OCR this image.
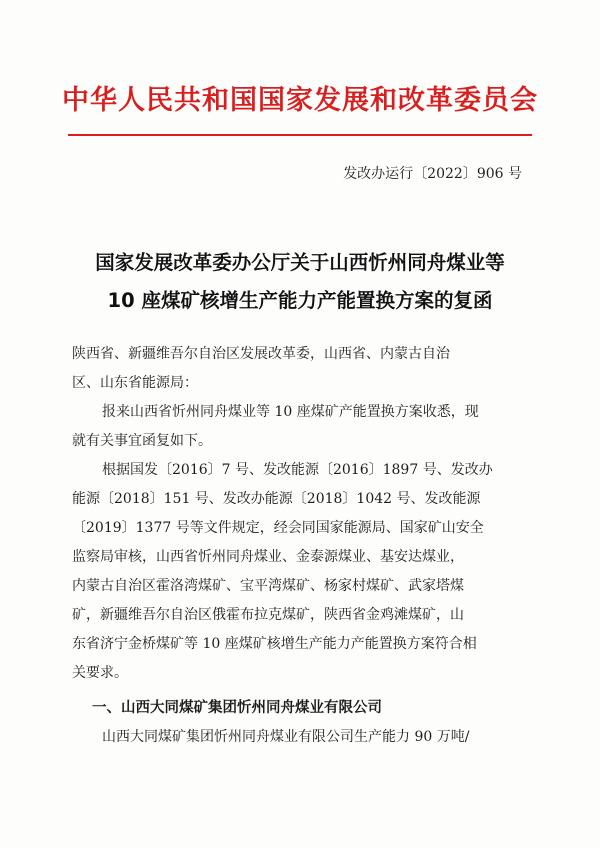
中华人民共和国国家发展和改革委员会
发改办运行〔2022〕906 号
国家发展改革委办公厅关于山西忻州同舟煤业等
10 座煤矿核增生产能力产能置换方案的复函
陕西省、新疆维吾尔自治区发展改革委，山西省、内蒙古自治
区、山东省能源局：
报来山西省忻州同舟煤业等 10 座煤矿产能置换方案收悉，现
就有关事宜函复如下。
根据国发〔2016〕7 号、发改能源〔2016〕1897 号、发改办
能源〔2018〕151 号、发改办能源〔2018〕1042 号、发改能源
〔2019〕1377 号等文件规定，经会同国家能源局、国家矿山安全
监察局审核，山西省忻州同舟煤业、金泰源煤业、基安达煤业，
内蒙古自治区霍洛湾煤矿、宝平湾煤矿、杨家村煤矿、武家塔煤
矿，新疆维吾尔自治区俄霍布拉克煤矿，陕西省金鸡滩煤矿，山
东省济宁金桥煤矿等 10 座煤矿核增生产能力产能置换方案符合相
关要求。
一、山西大同煤矿集团忻州同舟煤业有限公司
山西大同煤矿集团忻州同舟煤业有限公司生产能力 90 万吨/
